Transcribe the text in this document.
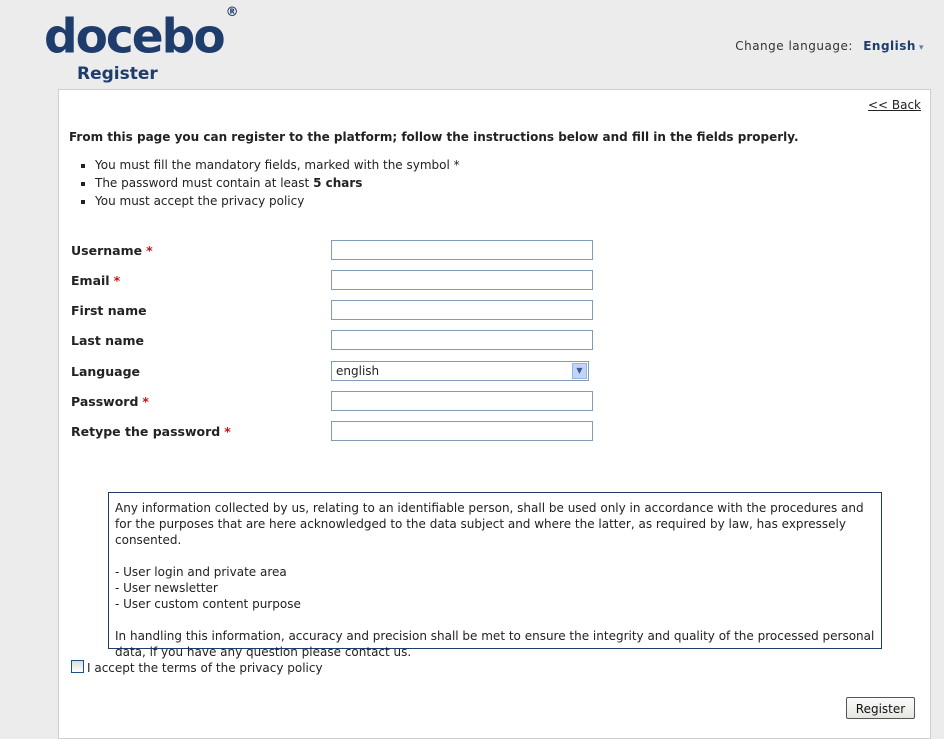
docebo ®
Register
Change language: English ▾
<< Back
From this page you can register to the platform; follow the instructions below and fill in the fields properly.
▪ You must fill the mandatory fields, marked with the symbol *
▪ The password must contain at least 5 chars
▪ You must accept the privacy policy
Username *
Email *
First name
Last name
Language	english	▼
Password *
Retype the password *

Any information collected by us, relating to an identifiable person, shall be used only in accordance with the procedures and for the purposes that are here acknowledged to the data subject and where the latter, as required by law, has expressely consented.

- User login and private area

- User newsletter

- User custom content purpose

In handling this information, accuracy and precision shall be met to ensure the integrity and quality of the processed personal data, if you have any question please contact us.

I accept the terms of the privacy policy
Register
